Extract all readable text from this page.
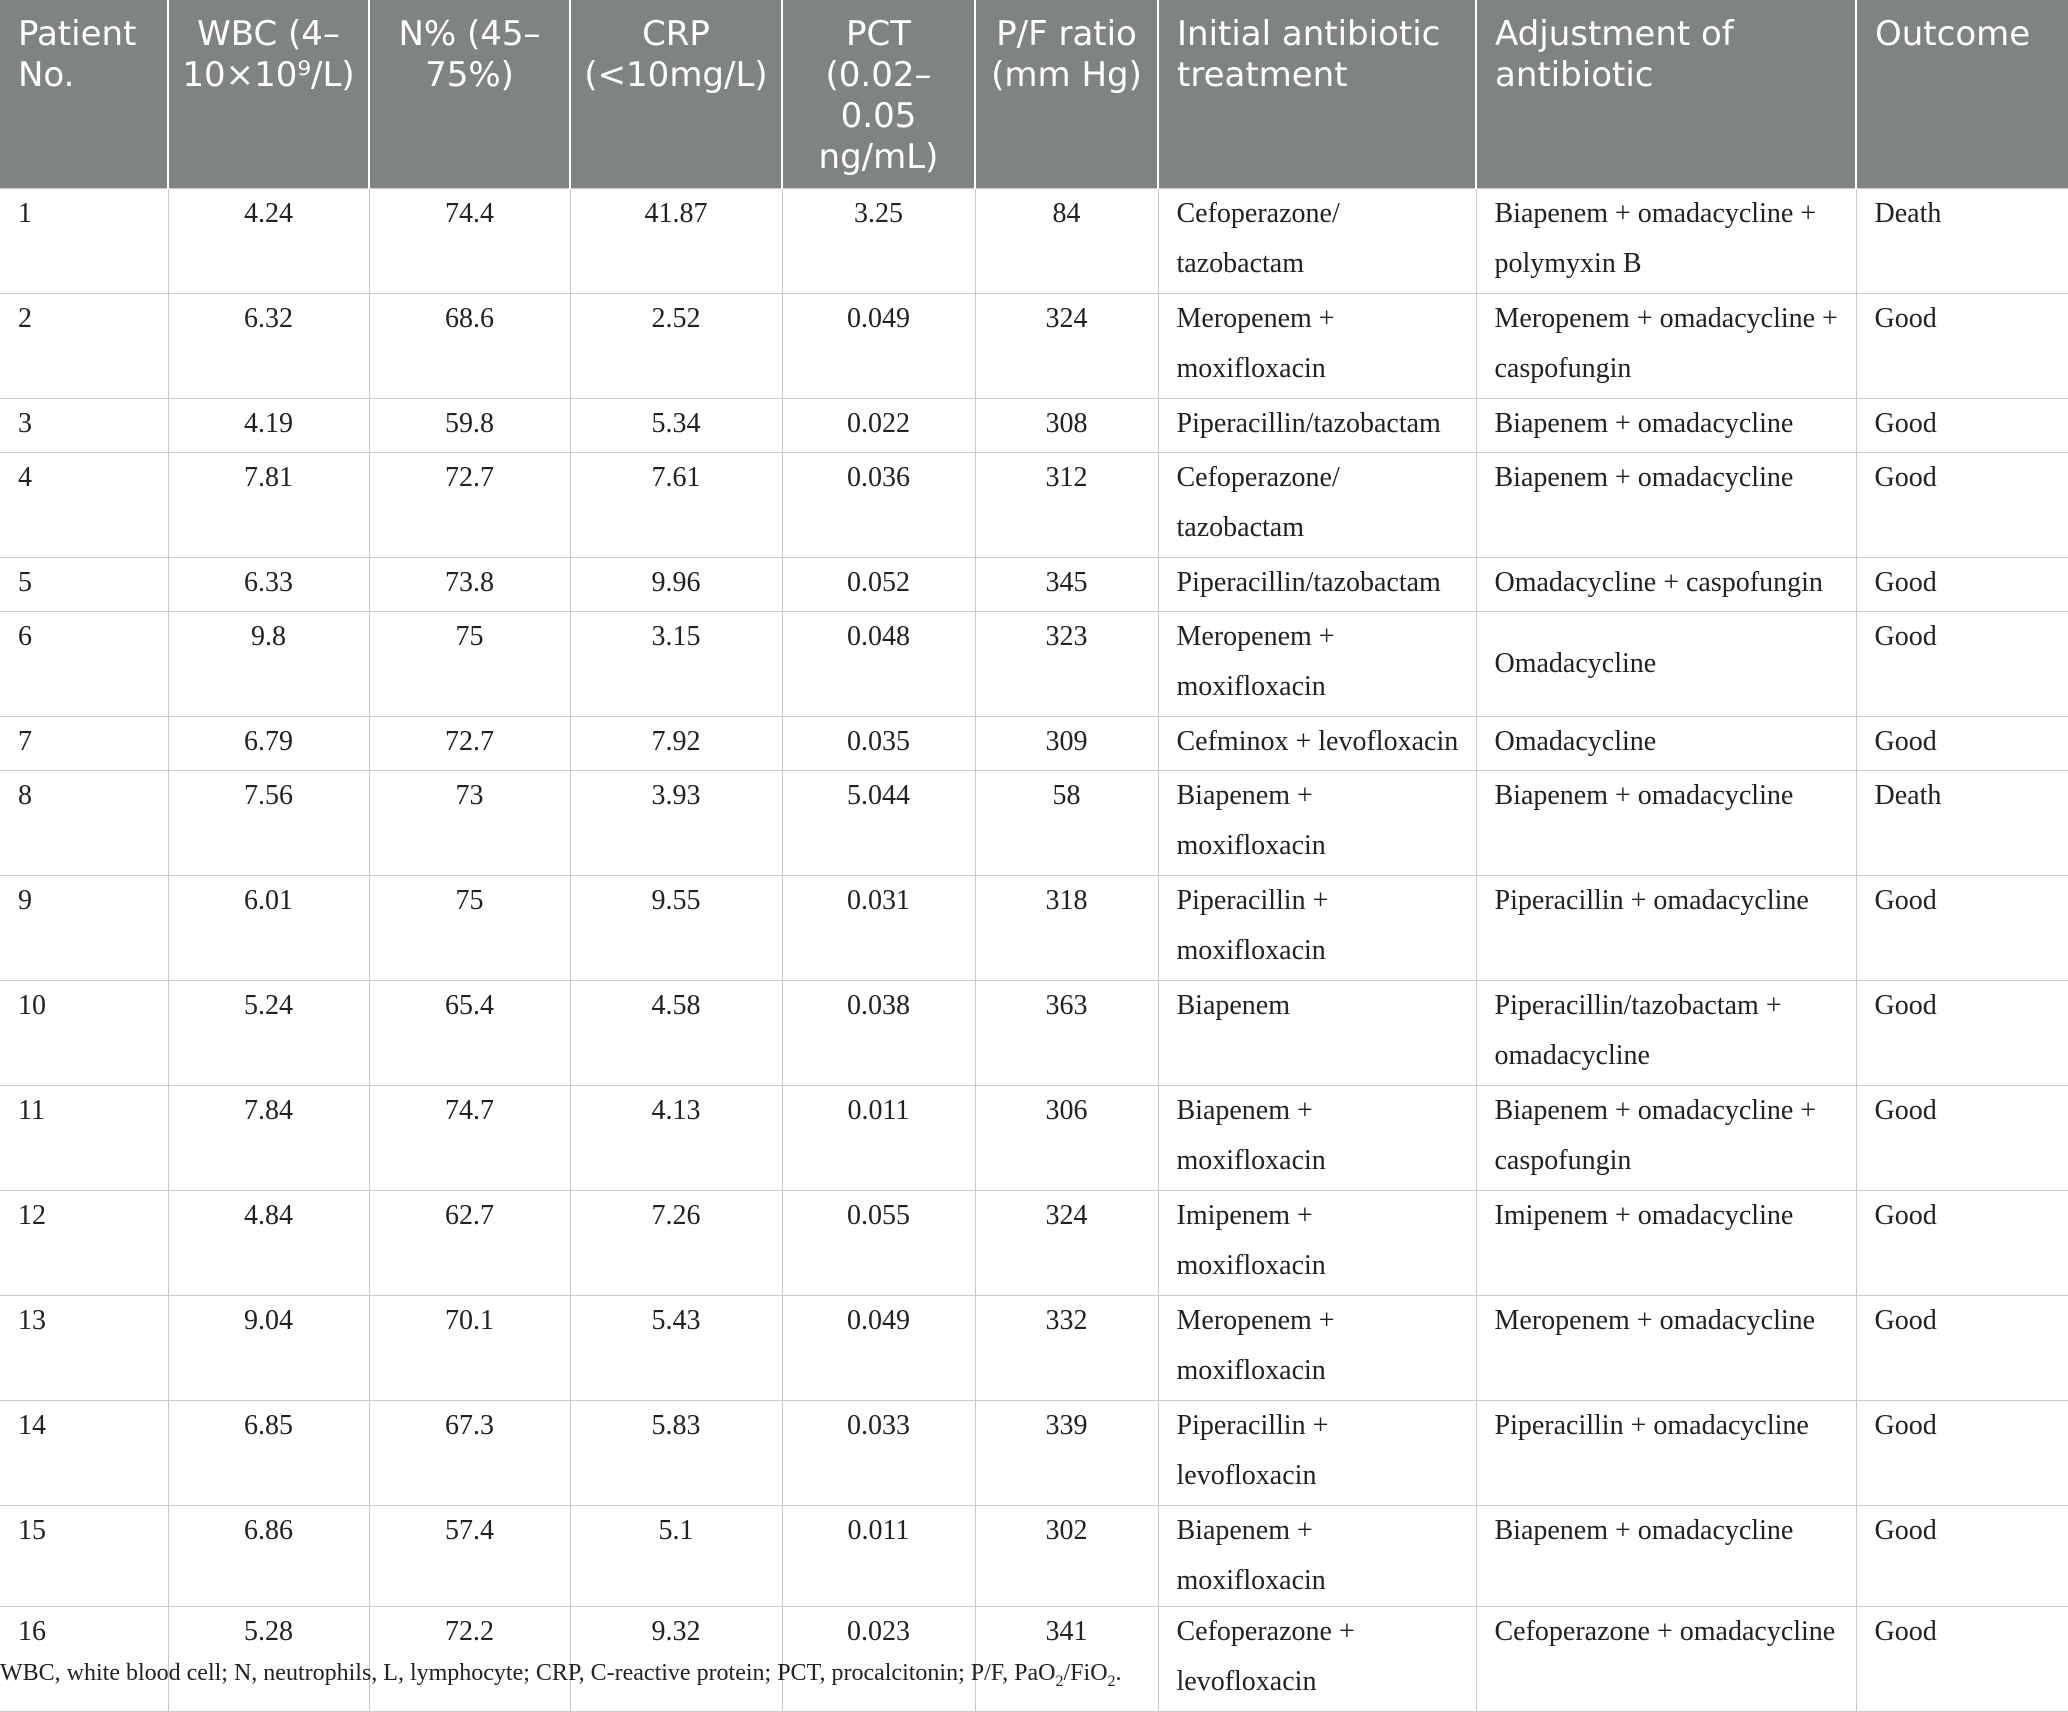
Patient No.	WBC (4–10×10⁹/L)	N% (45–75%)	CRP (<10mg/L)	PCT (0.02–0.05 ng/mL)	P/F ratio (mm Hg)	Initial antibiotic treatment	Adjustment of antibiotic	Outcome
1	4.24	74.4	41.87	3.25	84	Cefoperazone/ tazobactam	Biapenem + omadacycline + polymyxin B	Death
2	6.32	68.6	2.52	0.049	324	Meropenem + moxifloxacin	Meropenem + omadacycline + caspofungin	Good
3	4.19	59.8	5.34	0.022	308	Piperacillin/tazobactam	Biapenem + omadacycline	Good
4	7.81	72.7	7.61	0.036	312	Cefoperazone/ tazobactam	Biapenem + omadacycline	Good
5	6.33	73.8	9.96	0.052	345	Piperacillin/tazobactam	Omadacycline + caspofungin	Good
6	9.8	75	3.15	0.048	323	Meropenem + moxifloxacin	Omadacycline	Good
7	6.79	72.7	7.92	0.035	309	Cefminox + levofloxacin	Omadacycline	Good
8	7.56	73	3.93	5.044	58	Biapenem + moxifloxacin	Biapenem + omadacycline	Death
9	6.01	75	9.55	0.031	318	Piperacillin + moxifloxacin	Piperacillin + omadacycline	Good
10	5.24	65.4	4.58	0.038	363	Biapenem	Piperacillin/tazobactam + omadacycline	Good
11	7.84	74.7	4.13	0.011	306	Biapenem + moxifloxacin	Biapenem + omadacycline + caspofungin	Good
12	4.84	62.7	7.26	0.055	324	Imipenem + moxifloxacin	Imipenem + omadacycline	Good
13	9.04	70.1	5.43	0.049	332	Meropenem + moxifloxacin	Meropenem + omadacycline	Good
14	6.85	67.3	5.83	0.033	339	Piperacillin + levofloxacin	Piperacillin + omadacycline	Good
15	6.86	57.4	5.1	0.011	302	Biapenem + moxifloxacin	Biapenem + omadacycline	Good
16	5.28	72.2	9.32	0.023	341	Cefoperazone + levofloxacin	Cefoperazone + omadacycline	Good
WBC, white blood cell; N, neutrophils, L, lymphocyte; CRP, C-reactive protein; PCT, procalcitonin; P/F, PaO$_2$/FiO$_2$.
